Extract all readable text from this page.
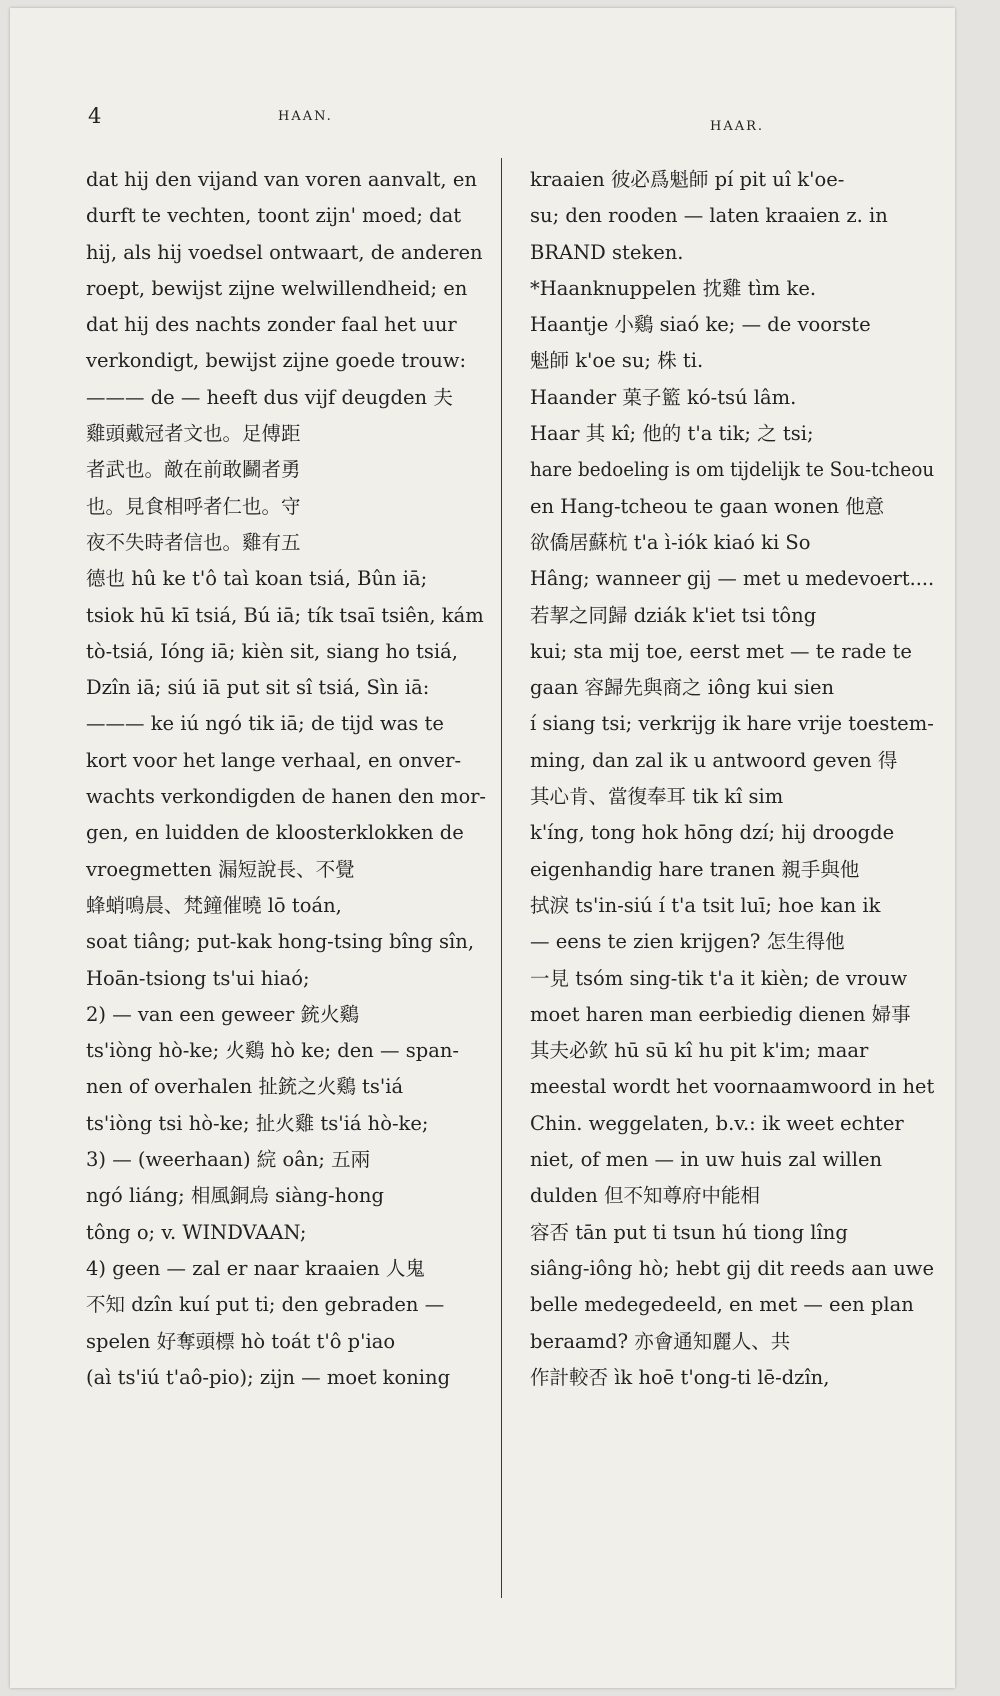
4	HAAN.
HAAR.
dat hij den vijand van voren aanvalt, en
durft te vechten, toont zijn' moed; dat
hij, als hij voedsel ontwaart, de anderen
roept, bewijst zijne welwillendheid; en
dat hij des nachts zonder faal het uur
verkondigt, bewijst zijne goede trouw:
——— de — heeft dus vijf deugden 夫
雞頭戴冠者文也。足傅距
者武也。敵在前敢鬬者勇
也。見食相呼者仁也。守
夜不失時者信也。雞有五
德也 hû ke t'ô taì koan tsiá, Bûn iā;
tsiok hū kī tsiá, Bú iā; tík tsaī tsiên, kám
tò-tsiá, Ióng iā; kièn sit, siang ho tsiá,
Dzîn iā; siú iā put sit sî tsiá, Sìn iā:
——— ke iú ngó tik iā; de tijd was te
kort voor het lange verhaal, en onver-
wachts verkondigden de hanen den mor-
gen, en luidden de kloosterklokken de
vroegmetten 漏短說長、不覺
蜂蛸鳴晨、梵鐘催曉 lō toán,
soat tiâng; put-kak hong-tsing bîng sîn,
Hoān-tsiong ts'ui hiaó;
2) — van een geweer 銃火鷄
ts'iòng hò-ke; 火鷄 hò ke; den — span-
nen of overhalen 扯銃之火鷄 ts'iá
ts'iòng tsi hò-ke; 扯火雞 ts'iá hò-ke;
3) — (weerhaan) 綄 oân; 五兩
ngó liáng; 相風銅烏 siàng-hong
tông o; v. WINDVAAN;
4) geen — zal er naar kraaien 人鬼
不知 dzîn kuí put ti; den gebraden —
spelen 好奪頭標 hò toát t'ô p'iao
(aì ts'iú t'aô-pio); zijn — moet koning
kraaien 彼必爲魁師 pí pit uî k'oe-
su; den rooden — laten kraaien z. in
BRAND steken.
*Haanknuppelen 抌雞 tìm ke.
Haantje 小鷄 siaó ke; — de voorste
魁師 k'oe su; 株 ti.
Haander 菓子籃 kó-tsú lâm.
Haar 其 kî; 他的 t'a tik; 之 tsi;
hare bedoeling is om tijdelijk te Sou-tcheou
en Hang-tcheou te gaan wonen 他意
欲僑居蘇杭 t'a ì-iók kiaó ki So
Hâng; wanneer gij — met u medevoert....
若挈之同歸 dziák k'iet tsi tông
kui; sta mij toe, eerst met — te rade te
gaan 容歸先與商之 iông kui sien
í siang tsi; verkrijg ik hare vrije toestem-
ming, dan zal ik u antwoord geven 得
其心肯、當復奉耳 tik kî sim
k'íng, tong hok hōng dzí; hij droogde
eigenhandig hare tranen 親手與他
拭淚 ts'in-siú í t'a tsit luī; hoe kan ik
— eens te zien krijgen? 怎生得他
一見 tsóm sing-tik t'a it kièn; de vrouw
moet haren man eerbiedig dienen 婦事
其夫必欽 hū sū kî hu pit k'im; maar
meestal wordt het voornaamwoord in het
Chin. weggelaten, b.v.: ik weet echter
niet, of men — in uw huis zal willen
dulden 但不知尊府中能相
容否 tān put ti tsun hú tiong lîng
siâng-iông hò; hebt gij dit reeds aan uwe
belle medegedeeld, en met — een plan
beraamd? 亦會通知麗人、共
作計較否 ìk hoē t'ong-ti lē-dzîn,
